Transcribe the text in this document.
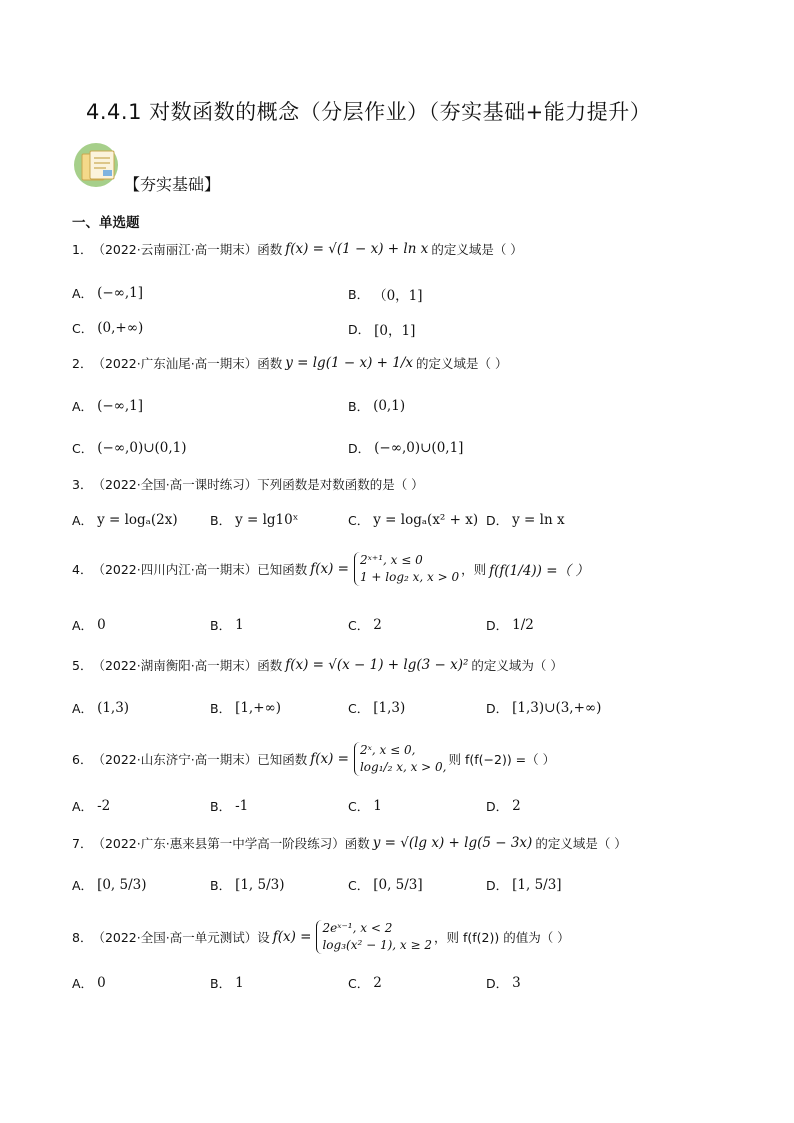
4.4.1 对数函数的概念（分层作业）（夯实基础+能力提升）
【夯实基础】
一、单选题
1． （2022·云南丽江·高一期末）函数 f(x) = √(1 − x) + ln x 的定义域是（ ）
A． (−∞,1]	B． （0，1]
C． (0,+∞)	D． [0，1]
2． （2022·广东汕尾·高一期末）函数 y = lg(1 − x) + 1/x 的定义域是（ ）
A． (−∞,1]	B． (0,1)
C． (−∞,0)∪(0,1)	D． (−∞,0)∪(0,1]
3． （2022·全国·高一课时练习）下列函数是对数函数的是（ ）
A． y = logₐ(2x)	B． y = lg10ˣ	C． y = logₐ(x² + x) D． y = ln x
4． （2022·四川内江·高一期末）已知函数 f(x) =
2ˣ⁺¹, x ≤ 0
1 + log₂ x, x > 0 ，则 f(f(1/4)) =（ ）
A． 0	B． 1	C． 2	D． 1/2
5． （2022·湖南衡阳·高一期末）函数 f(x) = √(x − 1) + lg(3 − x)² 的定义域为（ ）
A． (1,3)	B． [1,+∞)	C． [1,3)	D． [1,3)∪(3,+∞)
6． （2022·山东济宁·高一期末）已知函数 f(x) =
2ˣ, x ≤ 0,
log₁/₂ x, x > 0, 则 f(f(−2)) =（ ）
A． -2	B． -1	C． 1	D． 2
7． （2022·广东·惠来县第一中学高一阶段练习）函数 y = √(lg x) + lg(5 − 3x) 的定义域是（ ）
A． [0, 5/3)	B． [1, 5/3)	C． [0, 5/3]	D． [1, 5/3]
8． （2022·全国·高一单元测试）设 f(x) =
2eˣ⁻¹, x < 2
log₃(x² − 1), x ≥ 2 ，则 f(f(2)) 的值为（ ）
A． 0	B． 1	C． 2	D． 3
